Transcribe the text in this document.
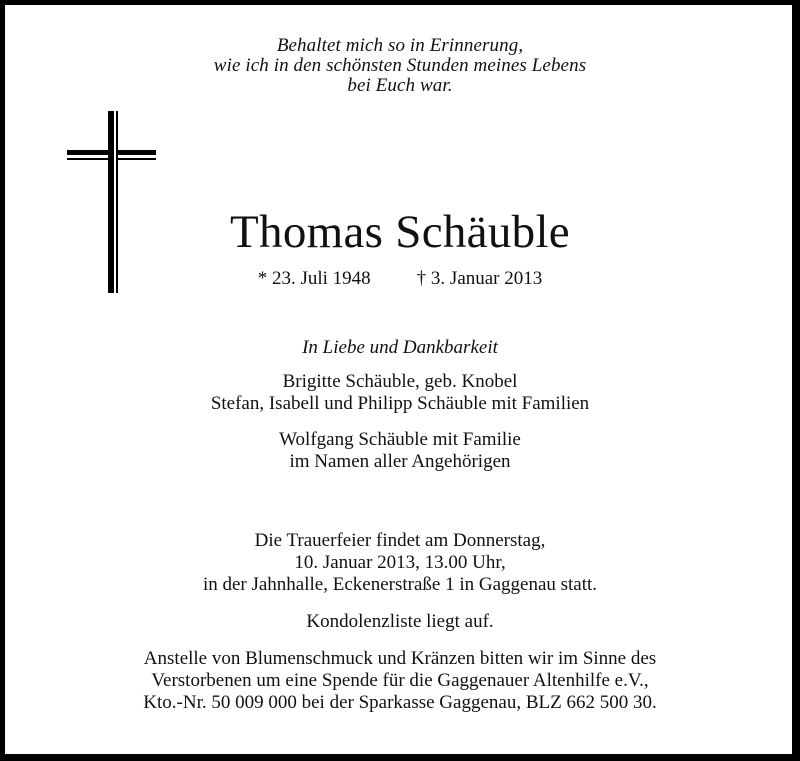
Behaltet mich so in Erinnerung,
wie ich in den schönsten Stunden meines Lebens
bei Euch war.
Thomas Schäuble
* 23. Juli 1948 † 3. Januar 2013
In Liebe und Dankbarkeit
Brigitte Schäuble, geb. Knobel
Stefan, Isabell und Philipp Schäuble mit Familien
Wolfgang Schäuble mit Familie
im Namen aller Angehörigen
Die Trauerfeier findet am Donnerstag,
10. Januar 2013, 13.00 Uhr,
in der Jahnhalle, Eckenerstraße 1 in Gaggenau statt.
Kondolenzliste liegt auf.
Anstelle von Blumenschmuck und Kränzen bitten wir im Sinne des
Verstorbenen um eine Spende für die Gaggenauer Altenhilfe e.V.,
Kto.-Nr. 50 009 000 bei der Sparkasse Gaggenau, BLZ 662 500 30.
